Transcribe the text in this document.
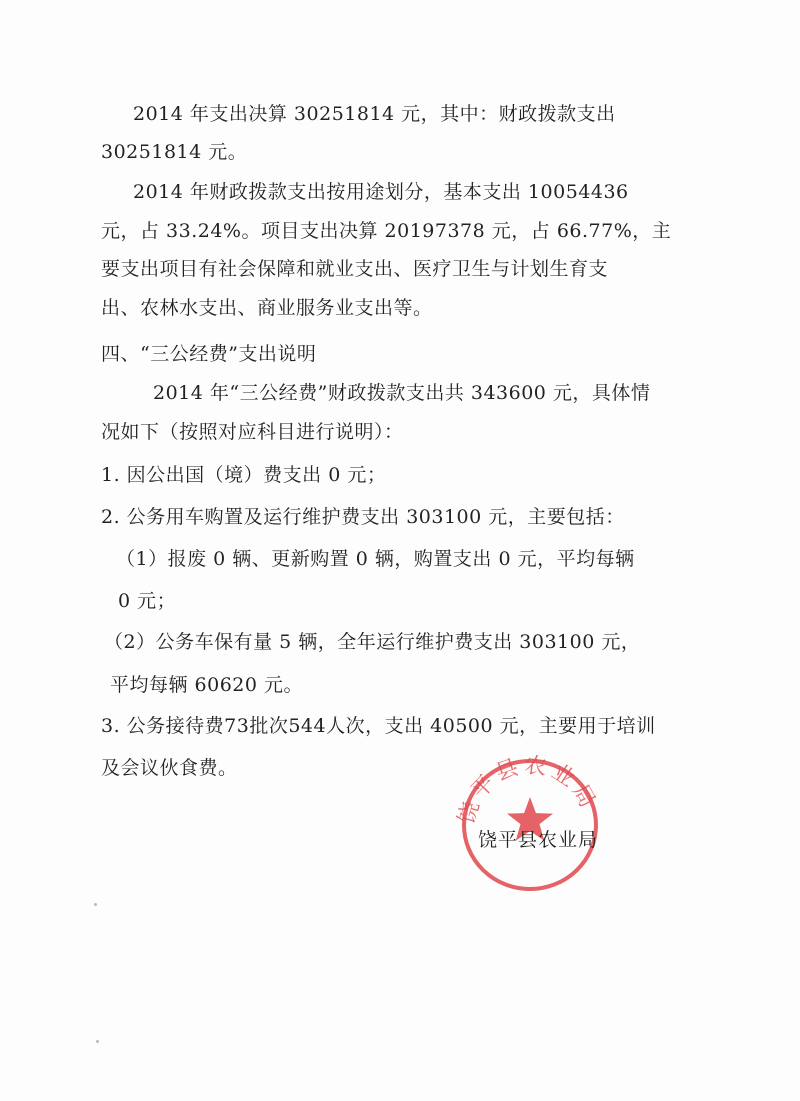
2014 年支出决算 30251814 元，其中：财政拨款支出
30251814 元。
2014 年财政拨款支出按用途划分，基本支出 10054436
元，占 33.24%。项目支出决算 20197378 元，占 66.77%，主
要支出项目有社会保障和就业支出、医疗卫生与计划生育支
出、农林水支出、商业服务业支出等。
四、“三公经费”支出说明
2014 年“三公经费”财政拨款支出共 343600 元，具体情
况如下（按照对应科目进行说明）：
1. 因公出国（境）费支出 0 元；
2. 公务用车购置及运行维护费支出 303100 元，主要包括：
（1）报废 0 辆、更新购置 0 辆，购置支出 0 元，平均每辆
0 元；
（2）公务车保有量 5 辆，全年运行维护费支出 303100 元，
平均每辆 60620 元。
3. 公务接待费73批次544人次，支出 40500 元，主要用于培训
及会议伙食费。
饶平县农业局
饶平县农业局
